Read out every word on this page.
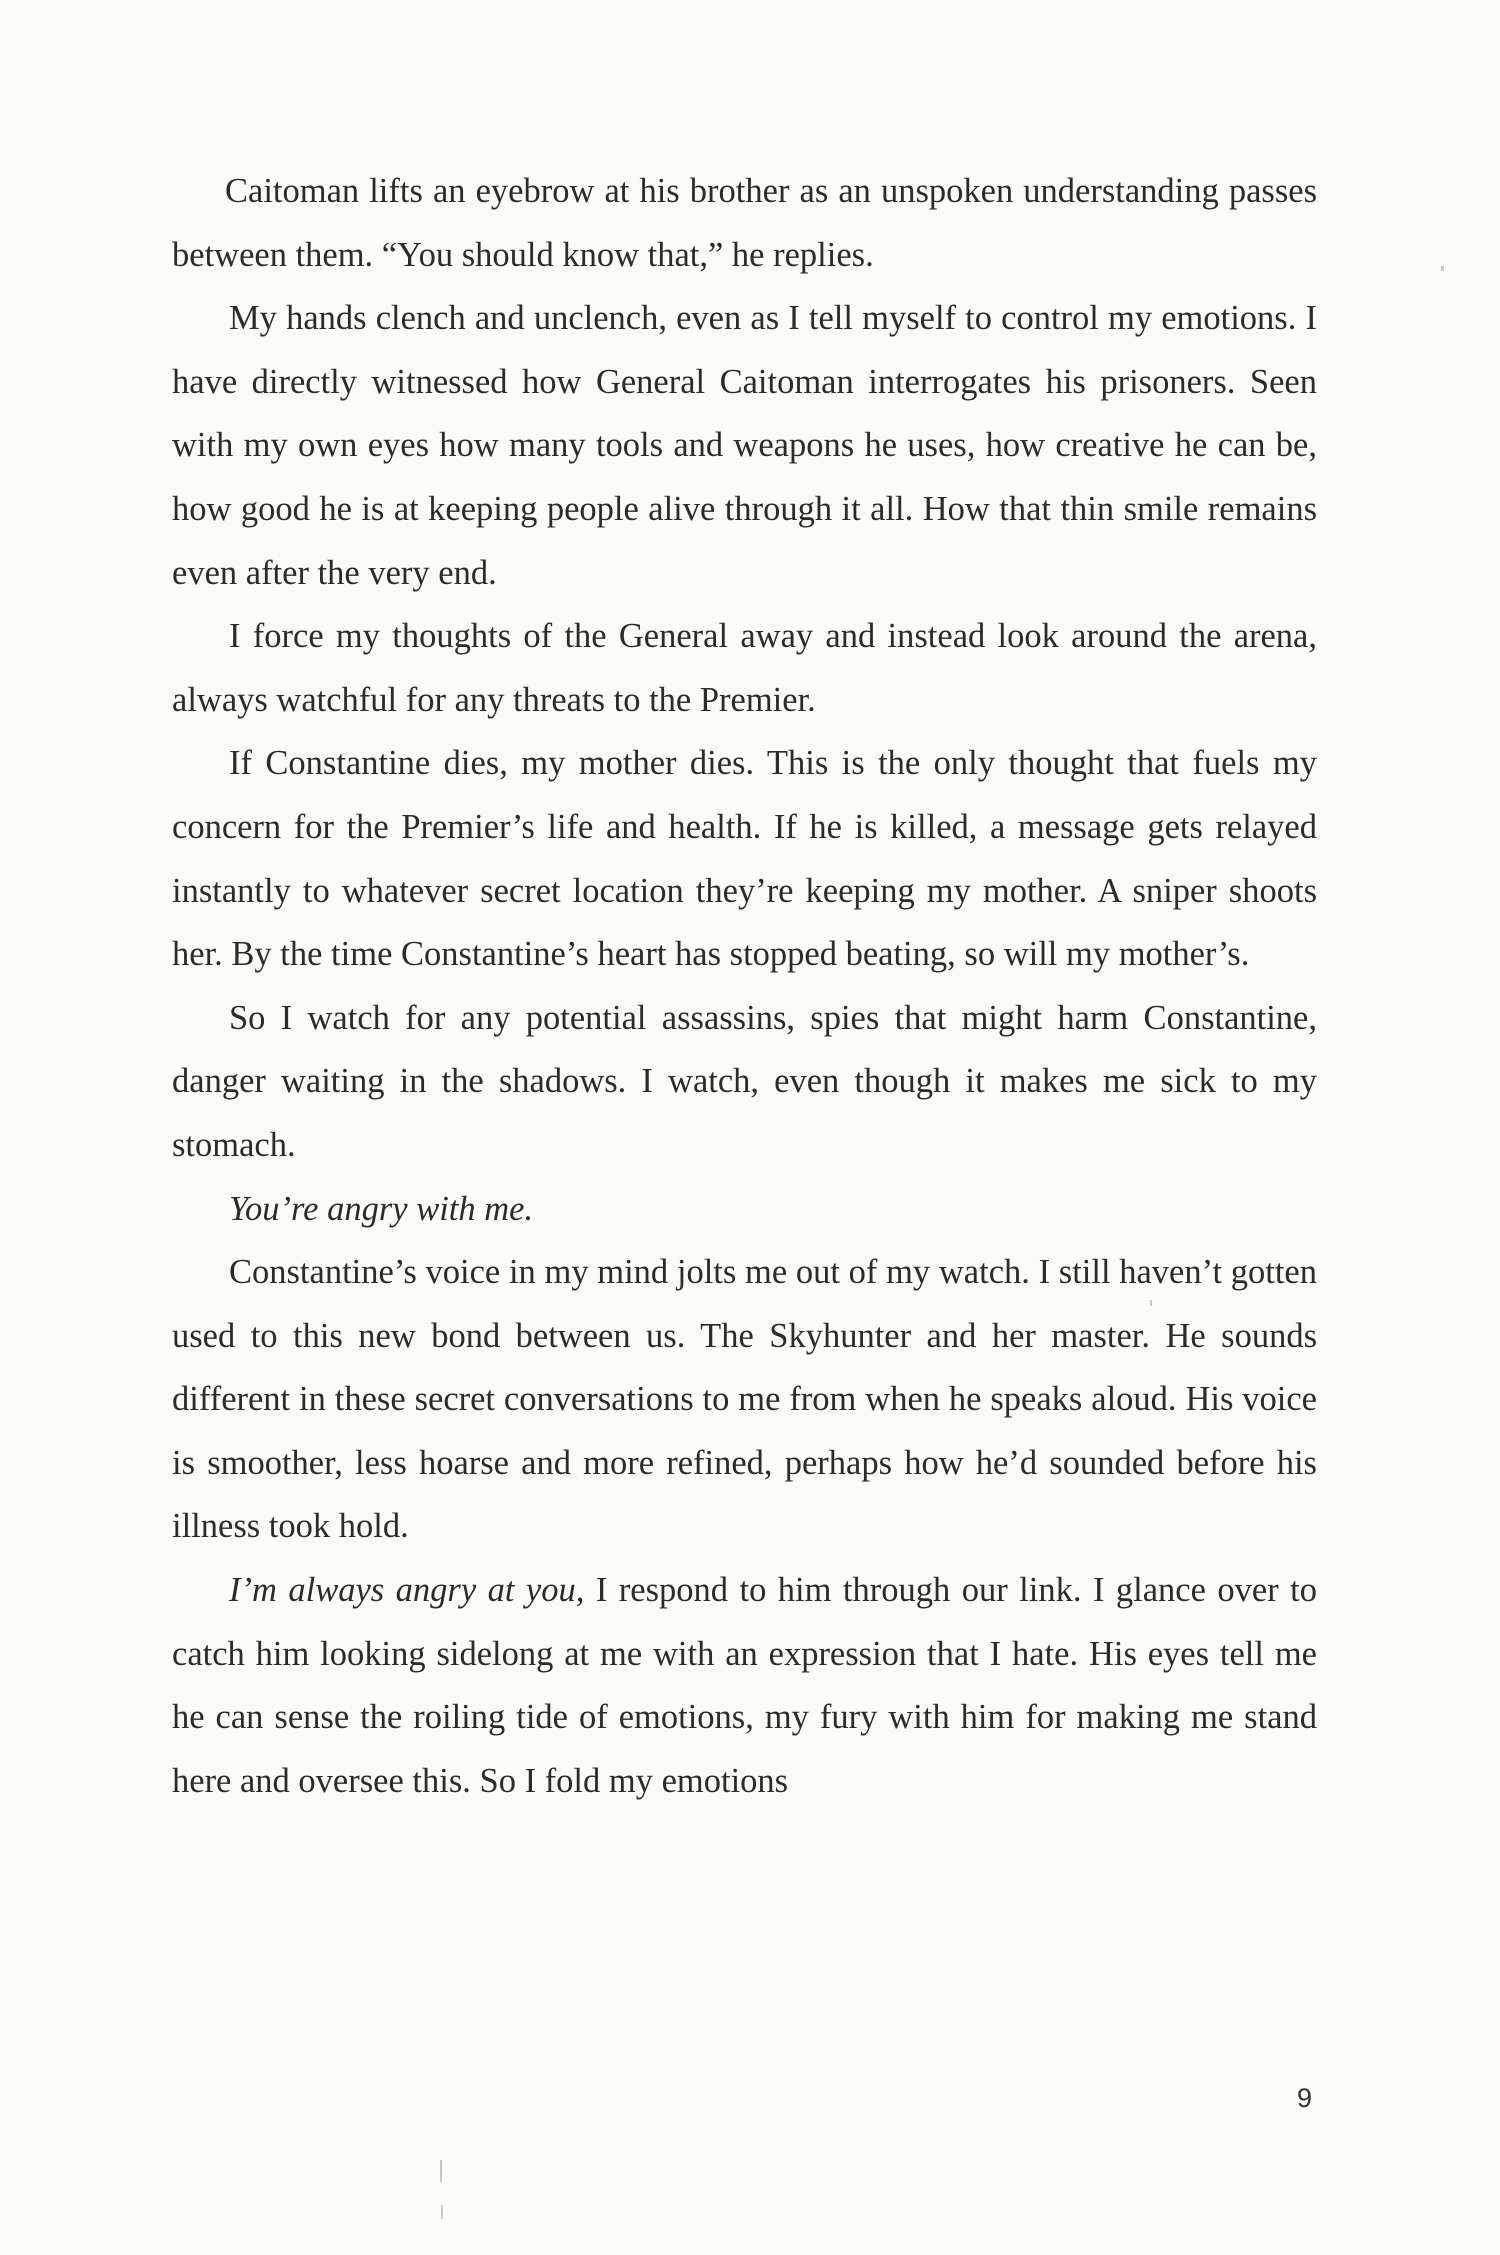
Caitoman lifts an eyebrow at his brother as an unspoken understanding passes between them. “You should know that,” he replies.

My hands clench and unclench, even as I tell myself to control my emotions. I have directly witnessed how General Caitoman interrogates his prisoners. Seen with my own eyes how many tools and weapons he uses, how creative he can be, how good he is at keeping people alive through it all. How that thin smile remains even after the very end.

I force my thoughts of the General away and instead look around the arena, always watchful for any threats to the Premier.

If Constantine dies, my mother dies. This is the only thought that fuels my concern for the Premier’s life and health. If he is killed, a message gets relayed instantly to whatever secret location they’re keeping my mother. A sniper shoots her. By the time Constantine’s heart has stopped beating, so will my mother’s.

So I watch for any potential assassins, spies that might harm Constantine, danger waiting in the shadows. I watch, even though it makes me sick to my stomach.

You’re angry with me.

Constantine’s voice in my mind jolts me out of my watch. I still haven’t gotten used to this new bond between us. The Skyhunter and her master. He sounds different in these secret conversations to me from when he speaks aloud. His voice is smoother, less hoarse and more refined, perhaps how he’d sounded before his illness took hold.

I’m always angry at you, I respond to him through our link. I glance over to catch him looking sidelong at me with an expression that I hate. His eyes tell me he can sense the roiling tide of emotions, my fury with him for making me stand here and oversee this. So I fold my emotions

9
